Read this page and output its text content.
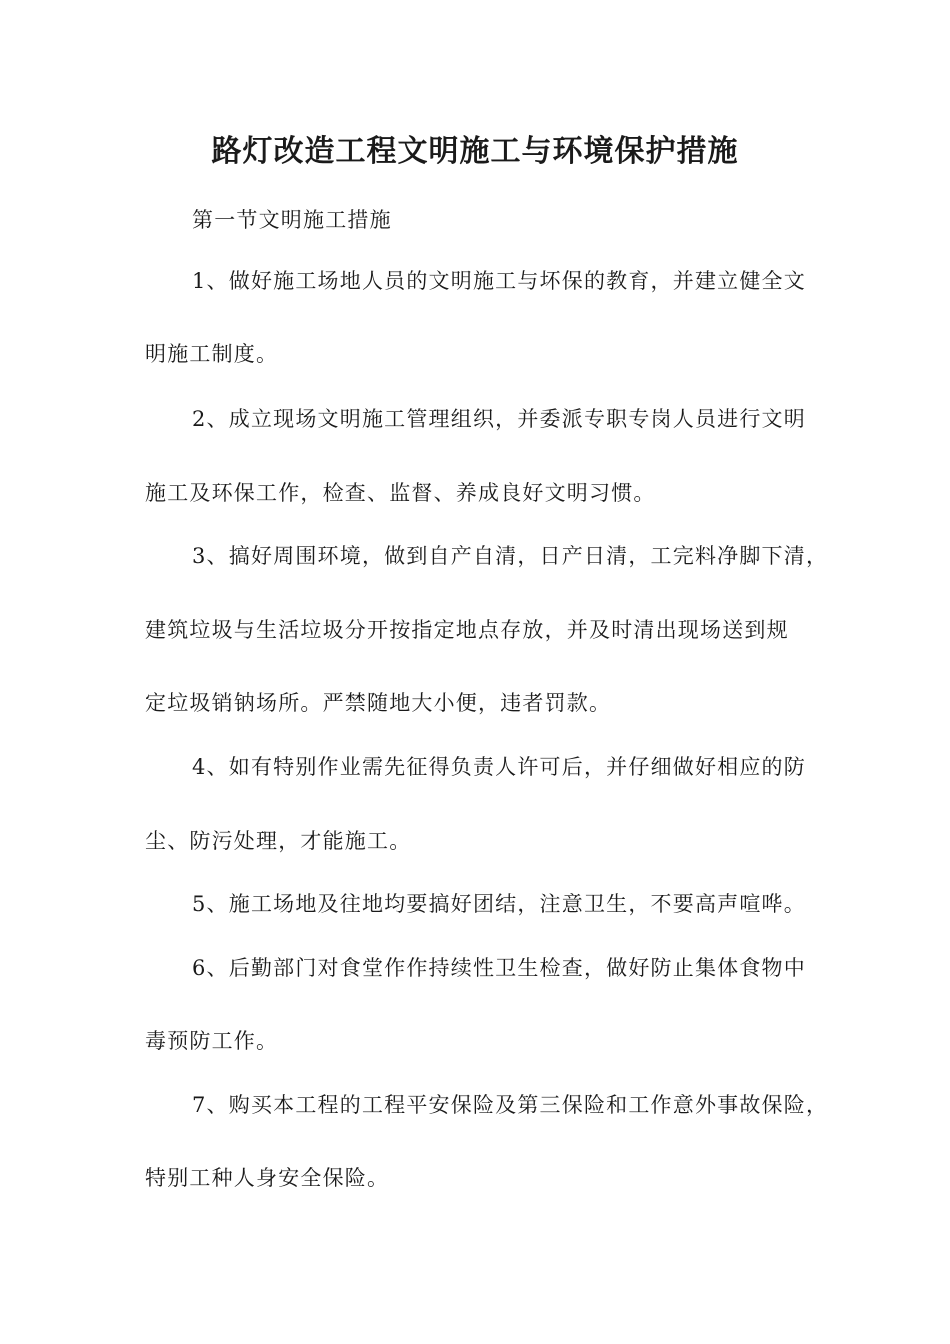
路灯改造工程文明施工与环境保护措施
第一节文明施工措施
1、做好施工场地人员的文明施工与坏保的教育，并建立健全文
明施工制度。
2、成立现场文明施工管理组织，并委派专职专岗人员进行文明
施工及环保工作，检查、监督、养成良好文明习惯。
3、搞好周围环境，做到自产自清，日产日清，工完料净脚下清，
建筑垃圾与生活垃圾分开按指定地点存放，并及时清出现场送到规
定垃圾销钠场所。严禁随地大小便，违者罚款。
4、如有特别作业需先征得负责人许可后，并仔细做好相应的防
尘、防污处理，才能施工。
5、施工场地及往地均要搞好团结，注意卫生，不要高声喧哗。
6、后勤部门对食堂作作持续性卫生检查，做好防止集体食物中
毒预防工作。
7、购买本工程的工程平安保险及第三保险和工作意外事故保险，
特别工种人身安全保险。
